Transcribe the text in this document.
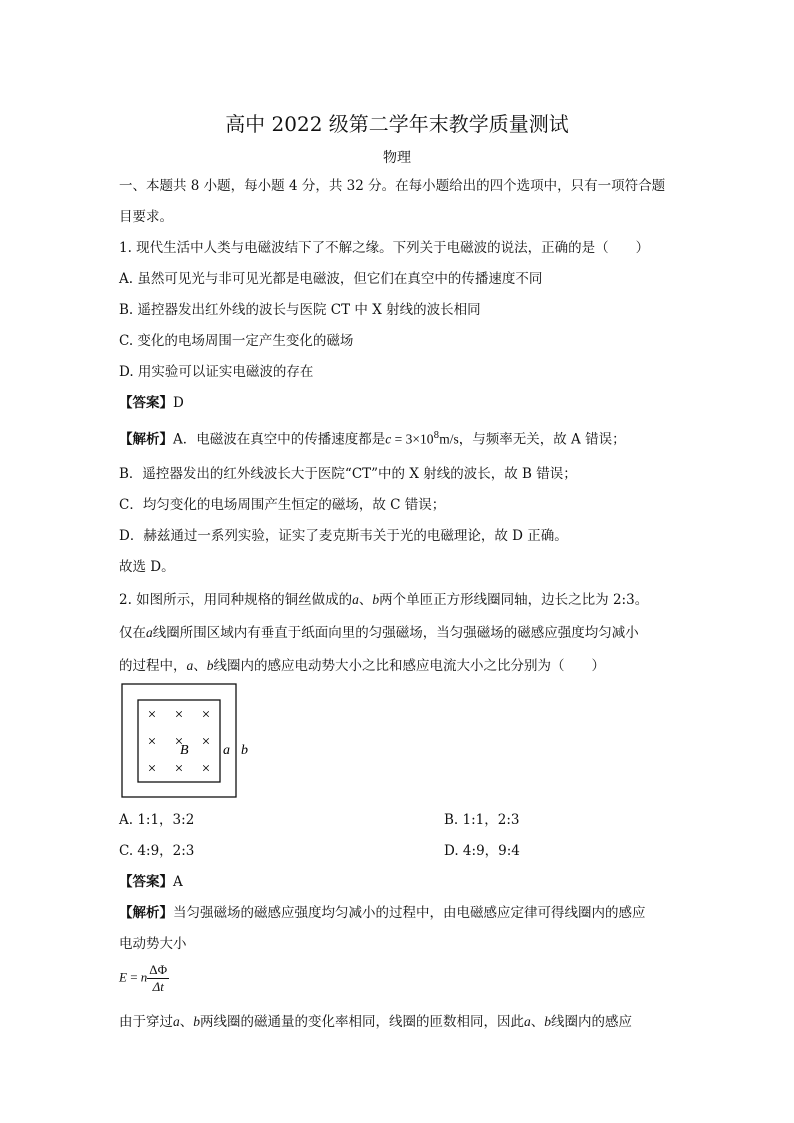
高中 2022 级第二学年末教学质量测试
物理
一、本题共 8 小题，每小题 4 分，共 32 分。在每小题给出的四个选项中，只有一项符合题
目要求。
1. 现代生活中人类与电磁波结下了不解之缘。下列关于电磁波的说法，正确的是（　　）
A. 虽然可见光与非可见光都是电磁波，但它们在真空中的传播速度不同
B. 遥控器发出红外线的波长与医院 CT 中 X 射线的波长相同
C. 变化的电场周围一定产生变化的磁场
D. 用实验可以证实电磁波的存在
【答案】D
【解析】A．电磁波在真空中的传播速度都是$c = 3\times 10^8m/s$，与频率无关，故 A 错误；
B．遥控器发出的红外线波长大于医院“CT”中的 X 射线的波长，故 B 错误；
C．均匀变化的电场周围产生恒定的磁场，故 C 错误；
D．赫兹通过一系列实验，证实了麦克斯韦关于光的电磁理论，故 D 正确。
故选 D。
2. 如图所示，用同种规格的铜丝做成的a、b两个单匝正方形线圈同轴，边长之比为 2:3。
仅在a线圈所围区域内有垂直于纸面向里的匀强磁场，当匀强磁场的磁感应强度均匀减小
的过程中，a、b线圈内的感应电动势大小之比和感应电流大小之比分别为（　　）
× × ×
× × ×
× × ×
B a b
A. 1:1，3:2	B. 1:1，2:3
C. 4:9，2:3	D. 4:9，9:4
【答案】A
【解析】当匀强磁场的磁感应强度均匀减小的过程中，由电磁感应定律可得线圈内的感应
电动势大小
E = n $\frac{\Delta\Phi}{\Delta t}$
由于穿过a、b两线圈的磁通量的变化率相同，线圈的匝数相同，因此a、b线圈内的感应
